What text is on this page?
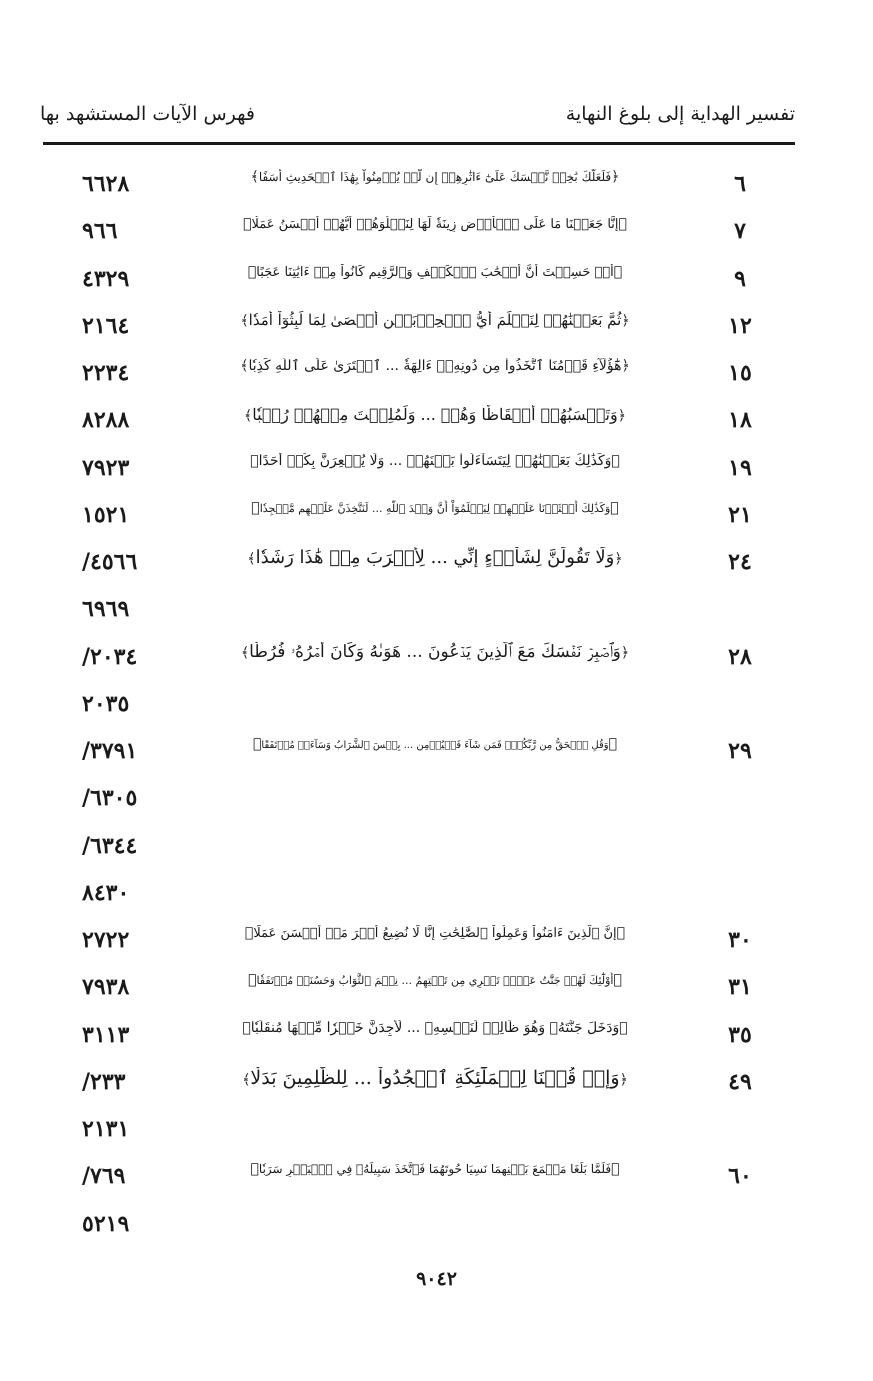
تفسير الهداية إلى بلوغ النهاية
فهرس الآيات المستشهد بها
٦
﴿فَلَعَلَّكَ بَٰخِعٞ نَّفۡسَكَ عَلَىٰٓ ءَاثَٰرِهِمۡ إِن لَّمۡ يُؤۡمِنُواْ بِهَٰذَا ٱلۡحَدِيثِ أَسَفًا﴾
٦٦٢٨
٧
﴿إِنَّا جَعَلۡنَا مَا عَلَى ٱلۡأَرۡضِ زِينَةٗ لَّهَا لِنَبۡلُوَهُمۡ أَيُّهُمۡ أَحۡسَنُ عَمَلٗا﴾
٩٦٦
٩
﴿أَمۡ حَسِبۡتَ أَنَّ أَصۡحَٰبَ ٱلۡكَهۡفِ وَٱلرَّقِيمِ كَانُواْ مِنۡ ءَايَٰتِنَا عَجَبًا﴾
٤٣٢٩
١٢
﴿ثُمَّ بَعَثۡنَٰهُمۡ لِنَعۡلَمَ أَيُّ ٱلۡحِزۡبَيۡنِ أَحۡصَىٰ لِمَا لَبِثُوٓاْ أَمَدٗا﴾
٢١٦٤
١٥
﴿هَٰٓؤُلَآءِ قَوۡمُنَا ٱتَّخَذُواْ مِن دُونِهِۦٓ ءَالِهَةٗ ... ٱفۡتَرَىٰ عَلَى ٱللَّهِ كَذِبٗا﴾
٢٢٣٤
١٨
﴿وَتَحۡسَبُهُمۡ أَيۡقَاظٗا وَهُمۡ ... وَلَمُلِئۡتَ مِنۡهُمۡ رُعۡبٗا﴾
٨٢٨٨
١٩
﴿وَكَذَٰلِكَ بَعَثۡنَٰهُمۡ لِيَتَسَآءَلُواْ بَيۡنَهُمۡ ... وَلَا يُشۡعِرَنَّ بِكُمۡ أَحَدًا﴾
٧٩٢٣
٢١
﴿وَكَذَٰلِكَ أَعۡثَرۡنَا عَلَيۡهِمۡ لِيَعۡلَمُوٓاْ أَنَّ وَعۡدَ ٱللَّهِ ... لَنَتَّخِذَنَّ عَلَيۡهِم مَّسۡجِدٗا﴾
١٥٢١
٢٤
﴿وَلَا تَقُولَنَّ لِشَاْيۡءٍ إِنِّي ... لِأَقۡرَبَ مِنۡ هَٰذَا رَشَدٗا﴾
٤٥٦٦/
٦٩٦٩
٢٨
﴿وَٱصۡبِرۡ نَفۡسَكَ مَعَ ٱلَّذِينَ يَدۡعُونَ ... هَوَىٰهُ وَكَانَ أَمۡرُهُۥ فُرُطٗا﴾
٢٠٣٤/
٢٠٣٥
٢٩
﴿وَقُلِ ٱلۡحَقُّ مِن رَّبِّكُمۡۖ فَمَن شَآءَ فَلۡيُؤۡمِن ... بِئۡسَ ٱلشَّرَابُ وَسَآءَتۡ مُرۡتَفَقًا﴾
٣٧٩١/
٦٣٠٥/
٦٣٤٤/
٨٤٣٠
٣٠
﴿إِنَّ ٱلَّذِينَ ءَامَنُواْ وَعَمِلُواْ ٱلصَّٰلِحَٰتِ إِنَّا لَا نُضِيعُ أَجۡرَ مَنۡ أَحۡسَنَ عَمَلًا﴾
٢٧٢٢
٣١
﴿أُوْلَٰٓئِكَ لَهُمۡ جَنَّٰتُ عَدۡنٖ تَجۡرِي مِن تَحۡتِهِمُ ... نِعۡمَ ٱلثَّوَابُ وَحَسُنَتۡ مُرۡتَفَقٗا﴾
٧٩٣٨
٣٥
﴿وَدَخَلَ جَنَّتَهُۥ وَهُوَ ظَالِمٞ لِّنَفۡسِهِۦ ... لَأَجِدَنَّ خَيۡرٗا مِّنۡهَا مُنقَلَبٗا﴾
٣١١٣
٤٩
﴿وَإِذۡ قُلۡنَا لِلۡمَلَٰٓئِكَةِ ٱسۡجُدُواْ ... لِلظَّٰلِمِينَ بَدَلٗا﴾
٢٣٣/
٢١٣١
٦٠
﴿فَلَمَّا بَلَغَا مَجۡمَعَ بَيۡنِهِمَا نَسِيَا حُوتَهُمَا فَٱتَّخَذَ سَبِيلَهُۥ فِي ٱلۡبَحۡرِ سَرَبٗا﴾
٧٦٩/
٥٢١٩
٩٠٤٢
